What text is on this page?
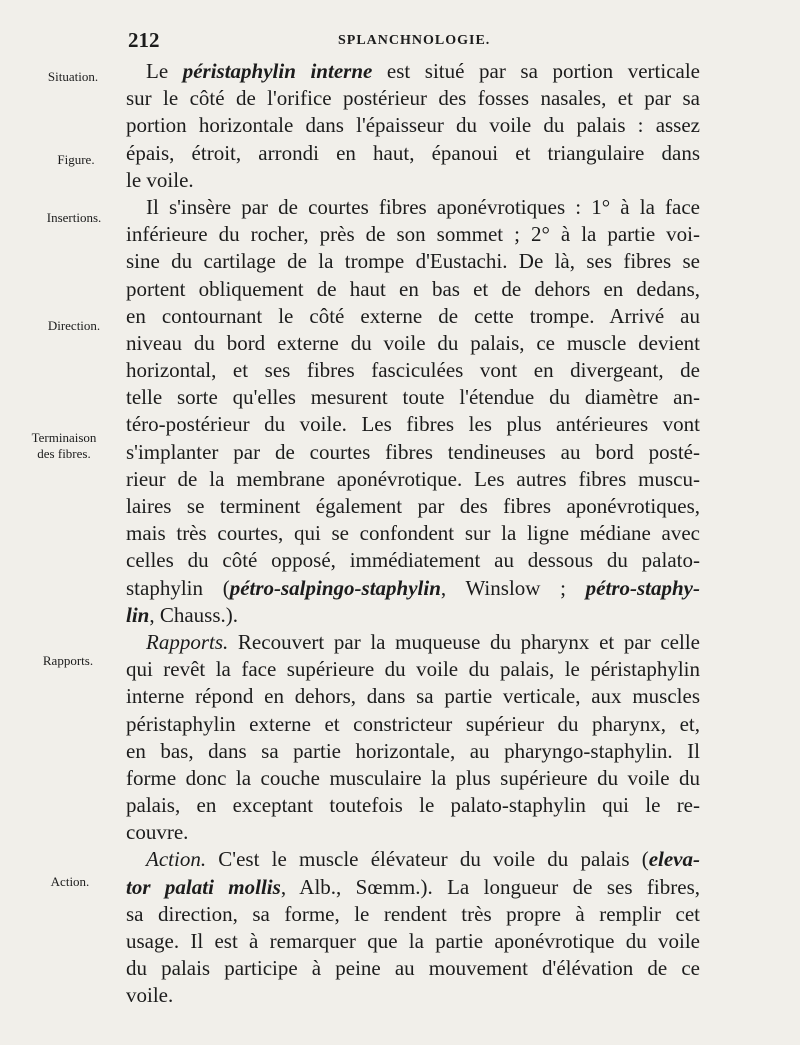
212	SPLANCHNOLOGIE.
Situation.
Figure.
Insertions.
Direction.
Terminaison
des fibres.
Rapports.
Action.
Le péristaphylin interne est situé par sa portion verticale
sur le côté de l'orifice postérieur des fosses nasales, et par sa
portion horizontale dans l'épaisseur du voile du palais : assez
épais, étroit, arrondi en haut, épanoui et triangulaire dans
le voile.
Il s'insère par de courtes fibres aponévrotiques : 1° à la face
inférieure du rocher, près de son sommet ; 2° à la partie voi-
sine du cartilage de la trompe d'Eustachi. De là, ses fibres se
portent obliquement de haut en bas et de dehors en dedans,
en contournant le côté externe de cette trompe. Arrivé au
niveau du bord externe du voile du palais, ce muscle devient
horizontal, et ses fibres fasciculées vont en divergeant, de
telle sorte qu'elles mesurent toute l'étendue du diamètre an-
téro-postérieur du voile. Les fibres les plus antérieures vont
s'implanter par de courtes fibres tendineuses au bord posté-
rieur de la membrane aponévrotique. Les autres fibres muscu-
laires se terminent également par des fibres aponévrotiques,
mais très courtes, qui se confondent sur la ligne médiane avec
celles du côté opposé, immédiatement au dessous du palato-
staphylin (pétro-salpingo-staphylin, Winslow ; pétro-staphy-
lin, Chauss.).
Rapports. Recouvert par la muqueuse du pharynx et par celle
qui revêt la face supérieure du voile du palais, le péristaphylin
interne répond en dehors, dans sa partie verticale, aux muscles
péristaphylin externe et constricteur supérieur du pharynx, et,
en bas, dans sa partie horizontale, au pharyngo-staphylin. Il
forme donc la couche musculaire la plus supérieure du voile du
palais, en exceptant toutefois le palato-staphylin qui le re-
couvre.
Action. C'est le muscle élévateur du voile du palais (eleva-
tor palati mollis, Alb., Sœmm.). La longueur de ses fibres,
sa direction, sa forme, le rendent très propre à remplir cet
usage. Il est à remarquer que la partie aponévrotique du voile
du palais participe à peine au mouvement d'élévation de ce
voile.
